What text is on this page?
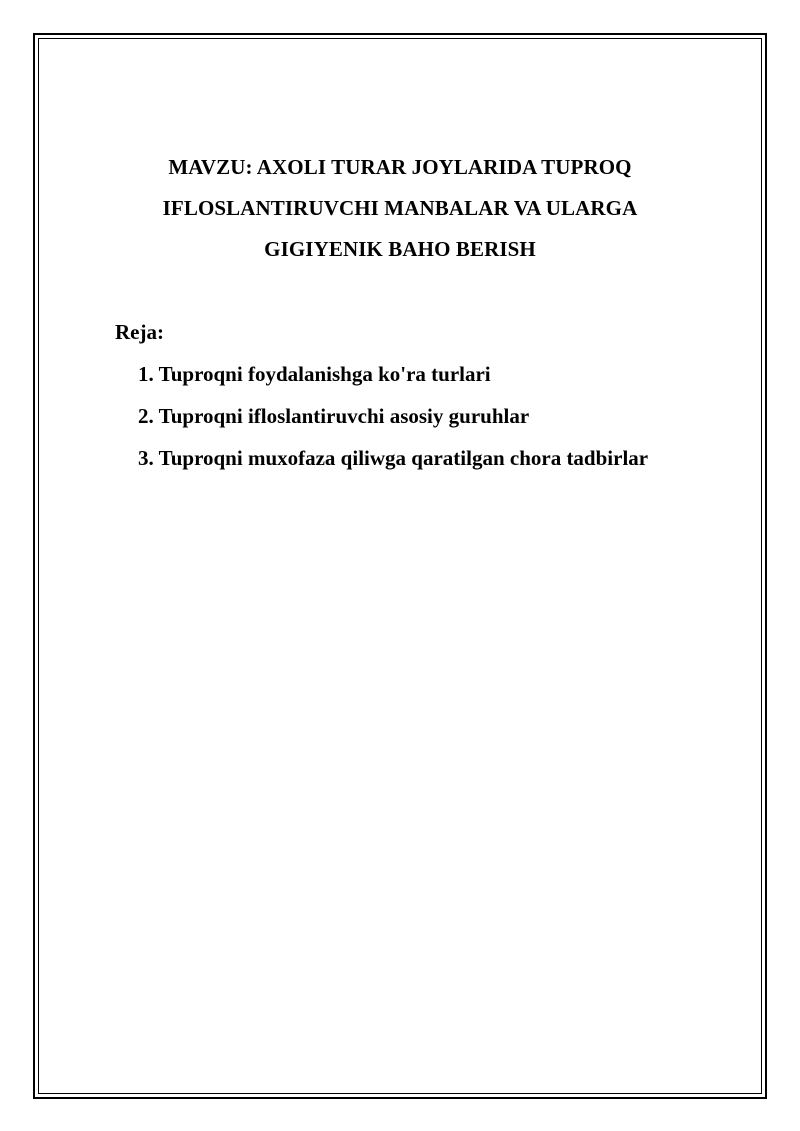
MAVZU: AXOLI TURAR JOYLARIDA TUPROQ
IFLOSLANTIRUVCHI MANBALAR VA ULARGA
GIGIYENIK BAHO BERISH

Reja:

1. Tuproqni foydalanishga ko'ra turlari
2. Tuproqni ifloslantiruvchi asosiy guruhlar
3. Tuproqni muxofaza qiliwga qaratilgan chora tadbirlar
